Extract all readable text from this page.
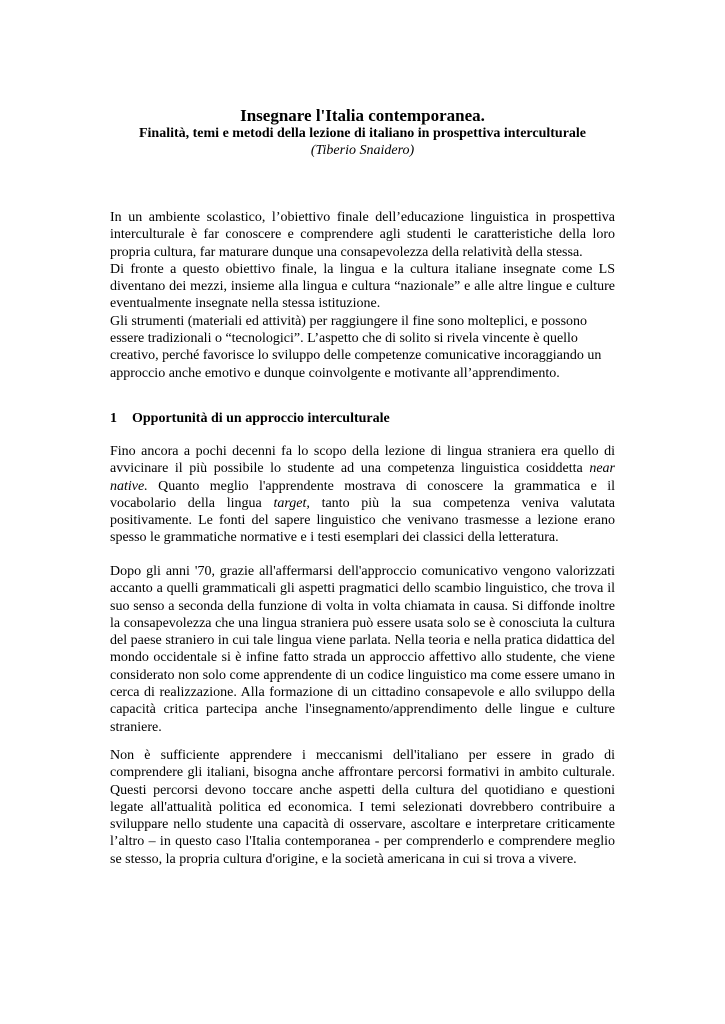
Insegnare l'Italia contemporanea.
Finalità, temi e metodi della lezione di italiano in prospettiva interculturale
(Tiberio Snaidero)

In un ambiente scolastico, l’obiettivo finale dell’educazione linguistica in prospettiva interculturale è far conoscere e comprendere agli studenti le caratteristiche della loro propria cultura, far maturare dunque una consapevolezza della relatività della stessa.

Di fronte a questo obiettivo finale, la lingua e la cultura italiane insegnate come LS diventano dei mezzi, insieme alla lingua e cultura “nazionale” e alle altre lingue e culture eventualmente insegnate nella stessa istituzione.

Gli strumenti (materiali ed attività) per raggiungere il fine sono molteplici, e possono essere tradizionali o “tecnologici”. L’aspetto che di solito si rivela vincente è quello creativo, perché favorisce lo sviluppo delle competenze comunicative incoraggiando un approccio anche emotivo e dunque coinvolgente e motivante all’apprendimento.

1 Opportunità di un approccio interculturale

Fino ancora a pochi decenni fa lo scopo della lezione di lingua straniera era quello di avvicinare il più possibile lo studente ad una competenza linguistica cosiddetta near native. Quanto meglio l'apprendente mostrava di conoscere la grammatica e il vocabolario della lingua target, tanto più la sua competenza veniva valutata positivamente. Le fonti del sapere linguistico che venivano trasmesse a lezione erano spesso le grammatiche normative e i testi esemplari dei classici della letteratura.

Dopo gli anni '70, grazie all'affermarsi dell'approccio comunicativo vengono valorizzati accanto a quelli grammaticali gli aspetti pragmatici dello scambio linguistico, che trova il suo senso a seconda della funzione di volta in volta chiamata in causa. Si diffonde inoltre la consapevolezza che una lingua straniera può essere usata solo se è conosciuta la cultura del paese straniero in cui tale lingua viene parlata. Nella teoria e nella pratica didattica del mondo occidentale si è infine fatto strada un approccio affettivo allo studente, che viene considerato non solo come apprendente di un codice linguistico ma come essere umano in cerca di realizzazione. Alla formazione di un cittadino consapevole e allo sviluppo della capacità critica partecipa anche l'insegnamento/apprendimento delle lingue e culture straniere.

Non è sufficiente apprendere i meccanismi dell'italiano per essere in grado di comprendere gli italiani, bisogna anche affrontare percorsi formativi in ambito culturale. Questi percorsi devono toccare anche aspetti della cultura del quotidiano e questioni legate all'attualità politica ed economica. I temi selezionati dovrebbero contribuire a sviluppare nello studente una capacità di osservare, ascoltare e interpretare criticamente l’altro – in questo caso l'Italia contemporanea - per comprenderlo e comprendere meglio se stesso, la propria cultura d'origine, e la società americana in cui si trova a vivere.
